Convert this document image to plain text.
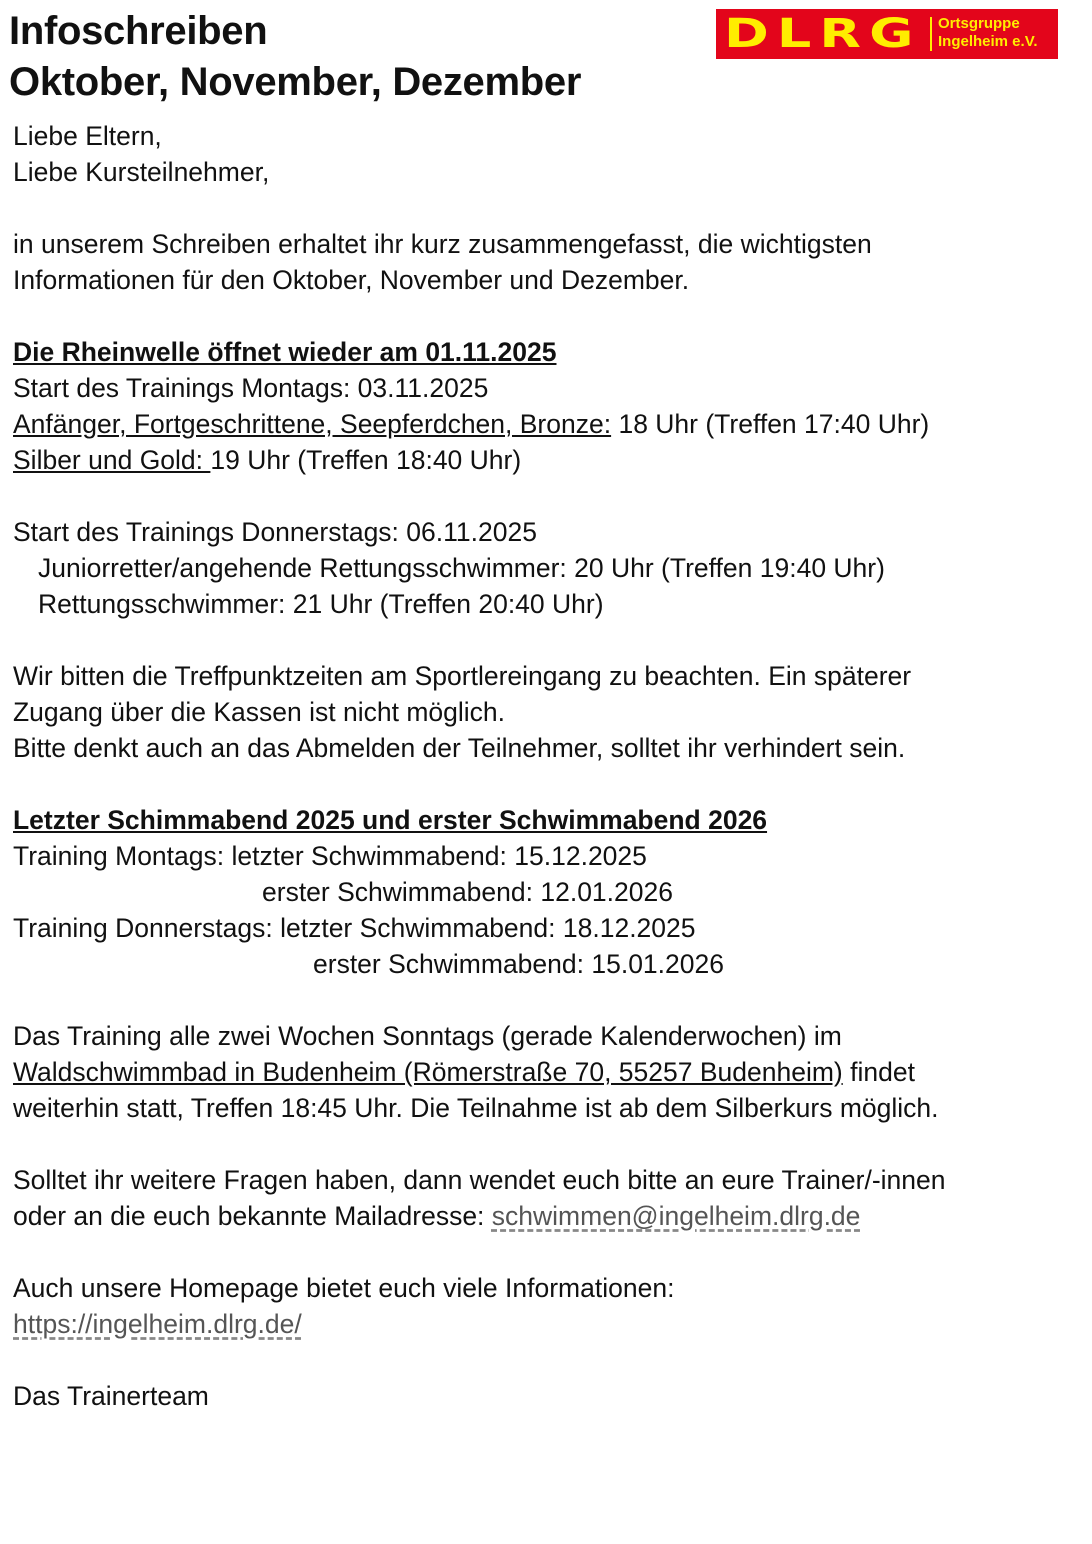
Infoschreiben
Oktober, November, Dezember
DLRG Ortsgruppe
Ingelheim e.V.
Liebe Eltern,
Liebe Kursteilnehmer,
in unserem Schreiben erhaltet ihr kurz zusammengefasst, die wichtigsten
Informationen für den Oktober, November und Dezember.
Die Rheinwelle öffnet wieder am 01.11.2025
Start des Trainings Montags: 03.11.2025
Anfänger, Fortgeschrittene, Seepferdchen, Bronze: 18 Uhr (Treffen 17:40 Uhr)
Silber und Gold: 19 Uhr (Treffen 18:40 Uhr)
Start des Trainings Donnerstags: 06.11.2025
Juniorretter/angehende Rettungsschwimmer: 20 Uhr (Treffen 19:40 Uhr)
Rettungsschwimmer: 21 Uhr (Treffen 20:40 Uhr)
Wir bitten die Treffpunktzeiten am Sportlereingang zu beachten. Ein späterer
Zugang über die Kassen ist nicht möglich.
Bitte denkt auch an das Abmelden der Teilnehmer, solltet ihr verhindert sein.
Letzter Schimmabend 2025 und erster Schwimmabend 2026
Training Montags: letzter Schwimmabend: 15.12.2025
erster Schwimmabend: 12.01.2026
Training Donnerstags: letzter Schwimmabend: 18.12.2025
erster Schwimmabend: 15.01.2026
Das Training alle zwei Wochen Sonntags (gerade Kalenderwochen) im
Waldschwimmbad in Budenheim (Römerstraße 70, 55257 Budenheim) findet
weiterhin statt, Treffen 18:45 Uhr. Die Teilnahme ist ab dem Silberkurs möglich.
Solltet ihr weitere Fragen haben, dann wendet euch bitte an eure Trainer/-innen
oder an die euch bekannte Mailadresse: schwimmen@ingelheim.dlrg.de
Auch unsere Homepage bietet euch viele Informationen:
https://ingelheim.dlrg.de/
Das Trainerteam
